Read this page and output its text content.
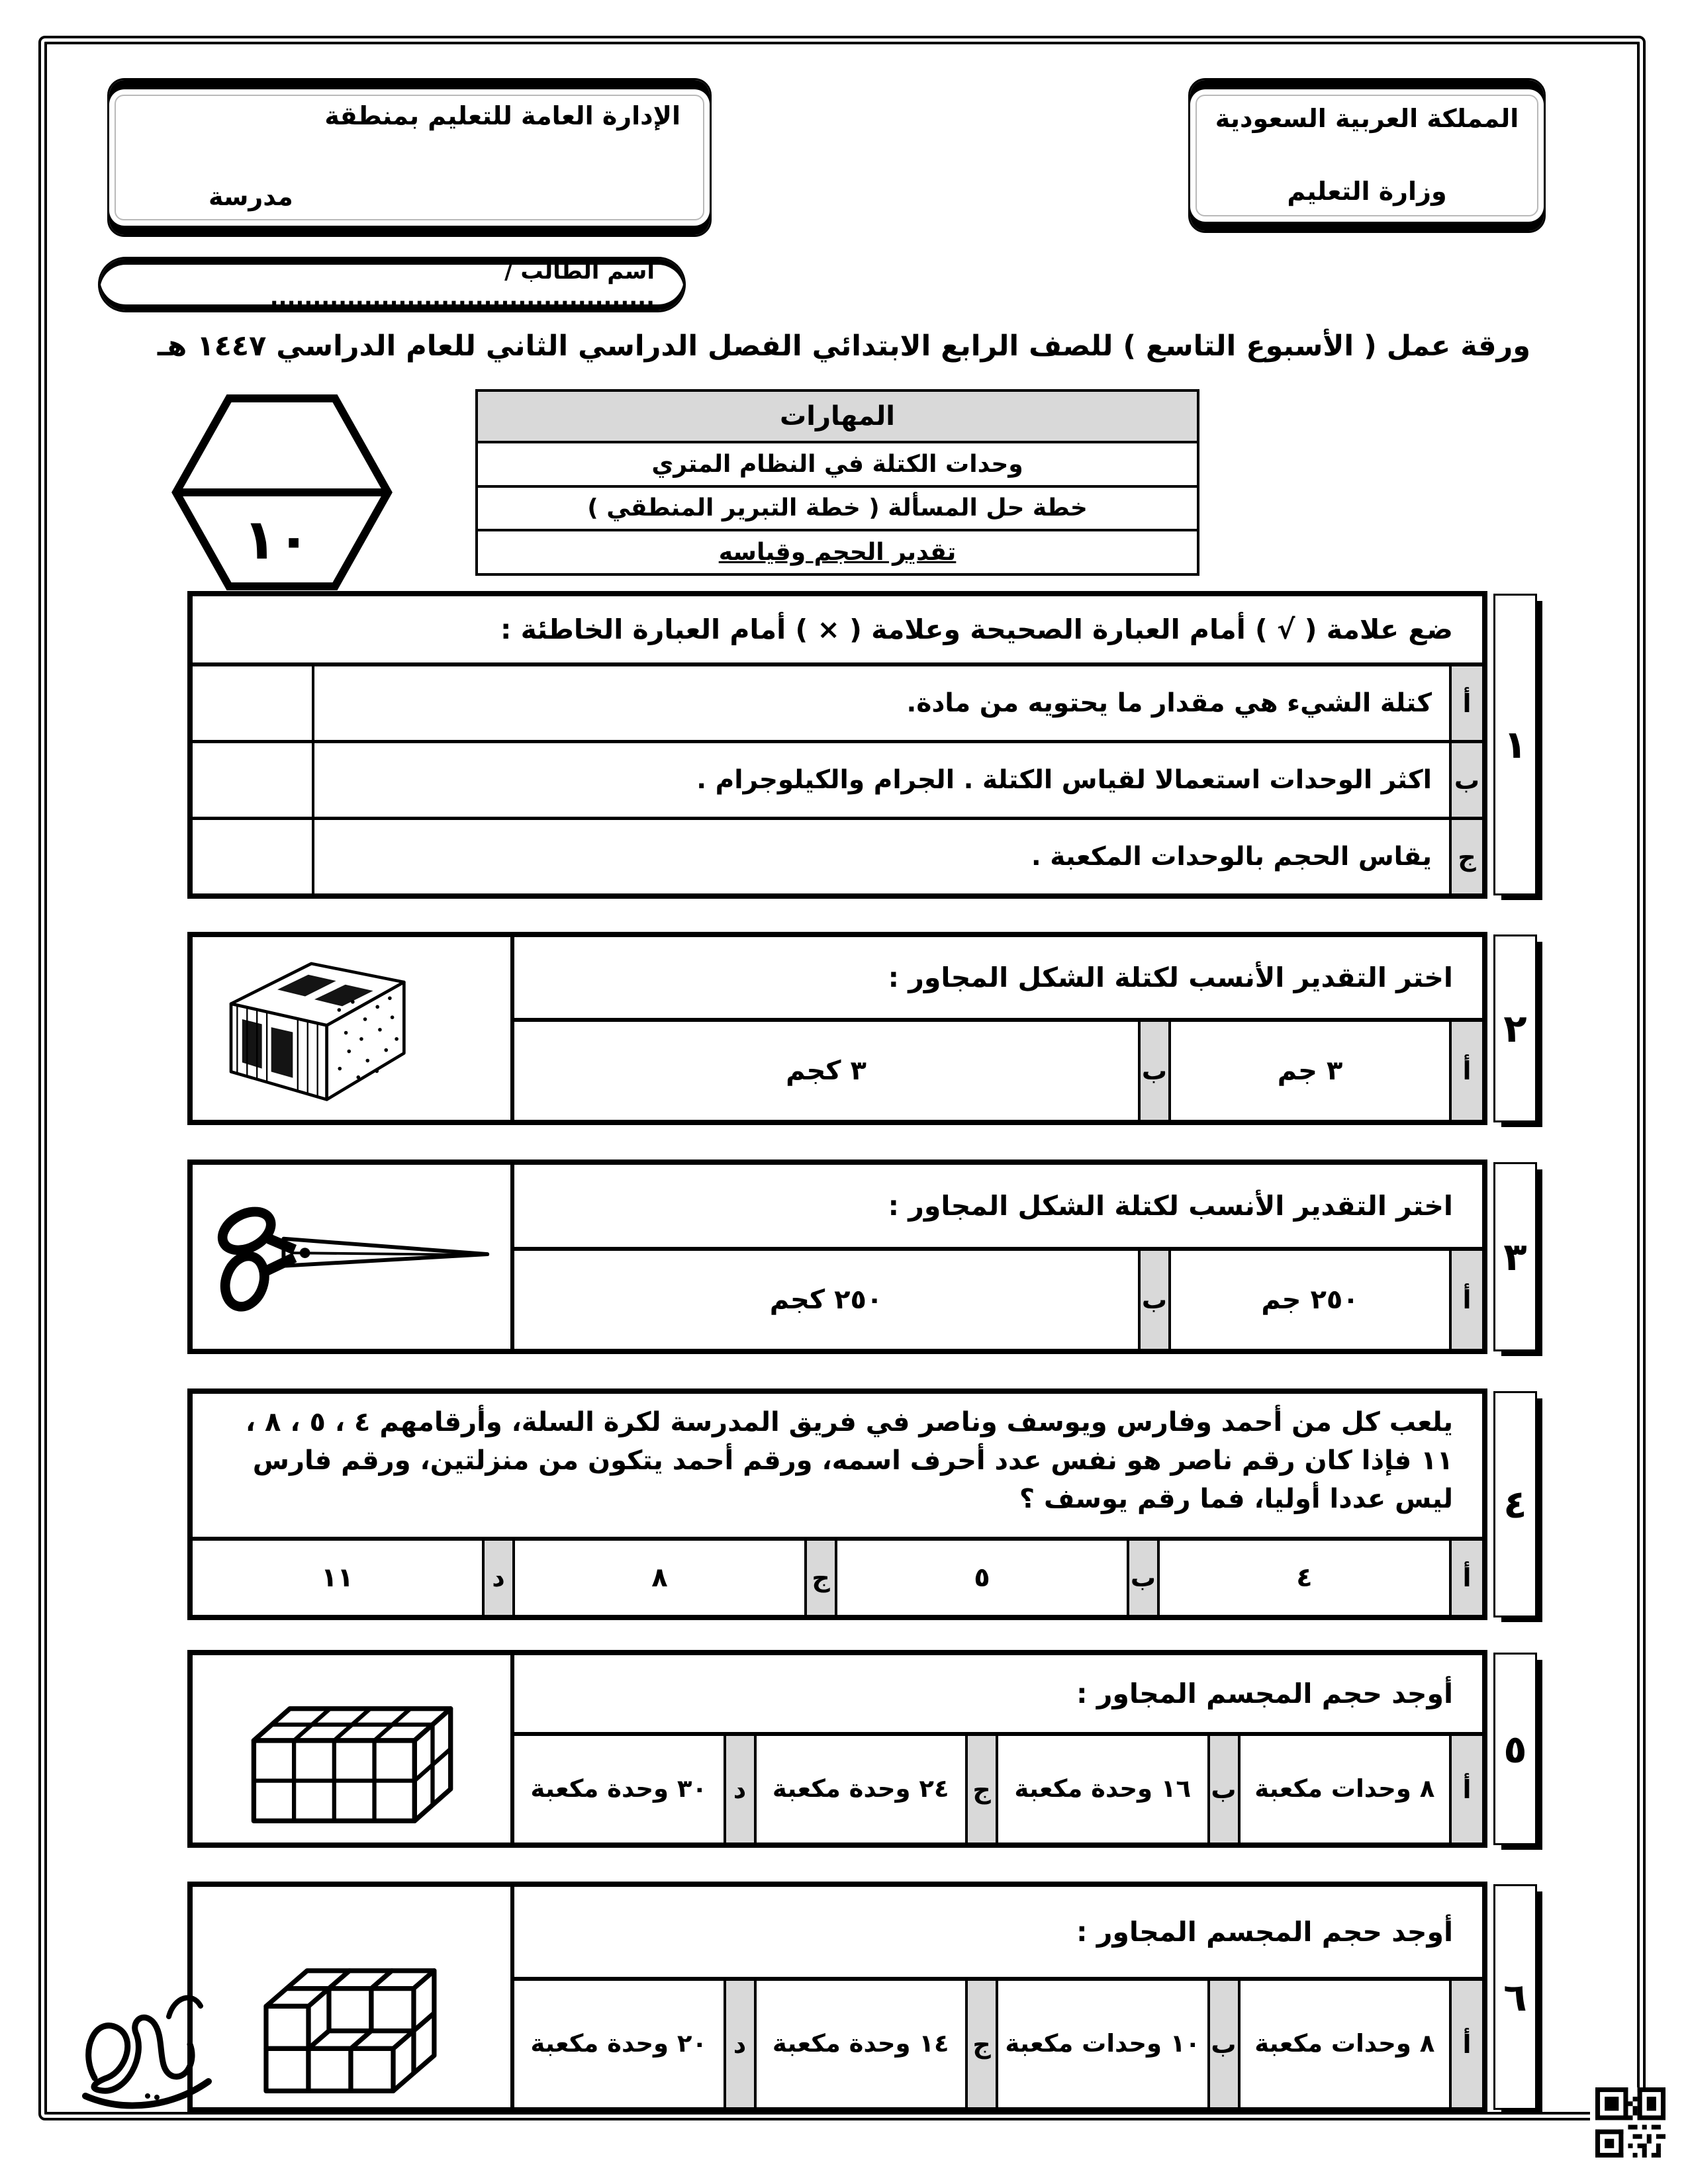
المملكة العربية السعودية
وزارة التعليم
الإدارة العامة للتعليم بمنطقة
مدرسة
اسم الطالب / .............................................
ورقة عمل ( الأسبوع التاسع ) للصف الرابع الابتدائي الفصل الدراسي الثاني للعام الدراسي ١٤٤٧ هـ
١٠
المهارات
وحدات الكتلة في النظام المتري
خطة حل المسألة ( خطة التبرير المنطقي )
تقدير الحجم وقياسه
ضع علامة ( √ ) أمام العبارة الصحيحة وعلامة ( × ) أمام العبارة الخاطئة :
أ
كتلة الشيء هي مقدار ما يحتويه من مادة.
ب
اكثر الوحدات استعمالا لقياس الكتلة . الجرام والكيلوجرام .
ج
يقاس الحجم بالوحدات المكعبة .
١
اختر التقدير الأنسب لكتلة الشكل المجاور :
أ
٣ جم
ب
٣ كجم
٢
اختر التقدير الأنسب لكتلة الشكل المجاور :
أ
٢٥٠ جم
ب
٢٥٠ كجم
٣
يلعب كل من أحمد وفارس ويوسف وناصر في فريق المدرسة لكرة السلة، وأرقامهم ٤ ، ٥ ، ٨ ، ١١ فإذا كان رقم ناصر هو نفس عدد أحرف اسمه، ورقم أحمد يتكون من منزلتين، ورقم فارس ليس عددا أوليا، فما رقم يوسف ؟
أ
٤
ب
٥
ج
٨
د
١١
٤
أوجد حجم المجسم المجاور :
أ
٨ وحدات مكعبة
ب
١٦ وحدة مكعبة
ج
٢٤ وحدة مكعبة
د
٣٠ وحدة مكعبة
٥
أوجد حجم المجسم المجاور :
أ
٨ وحدات مكعبة
ب
١٠ وحدات مكعبة
ج
١٤ وحدة مكعبة
د
٢٠ وحدة مكعبة
٦
